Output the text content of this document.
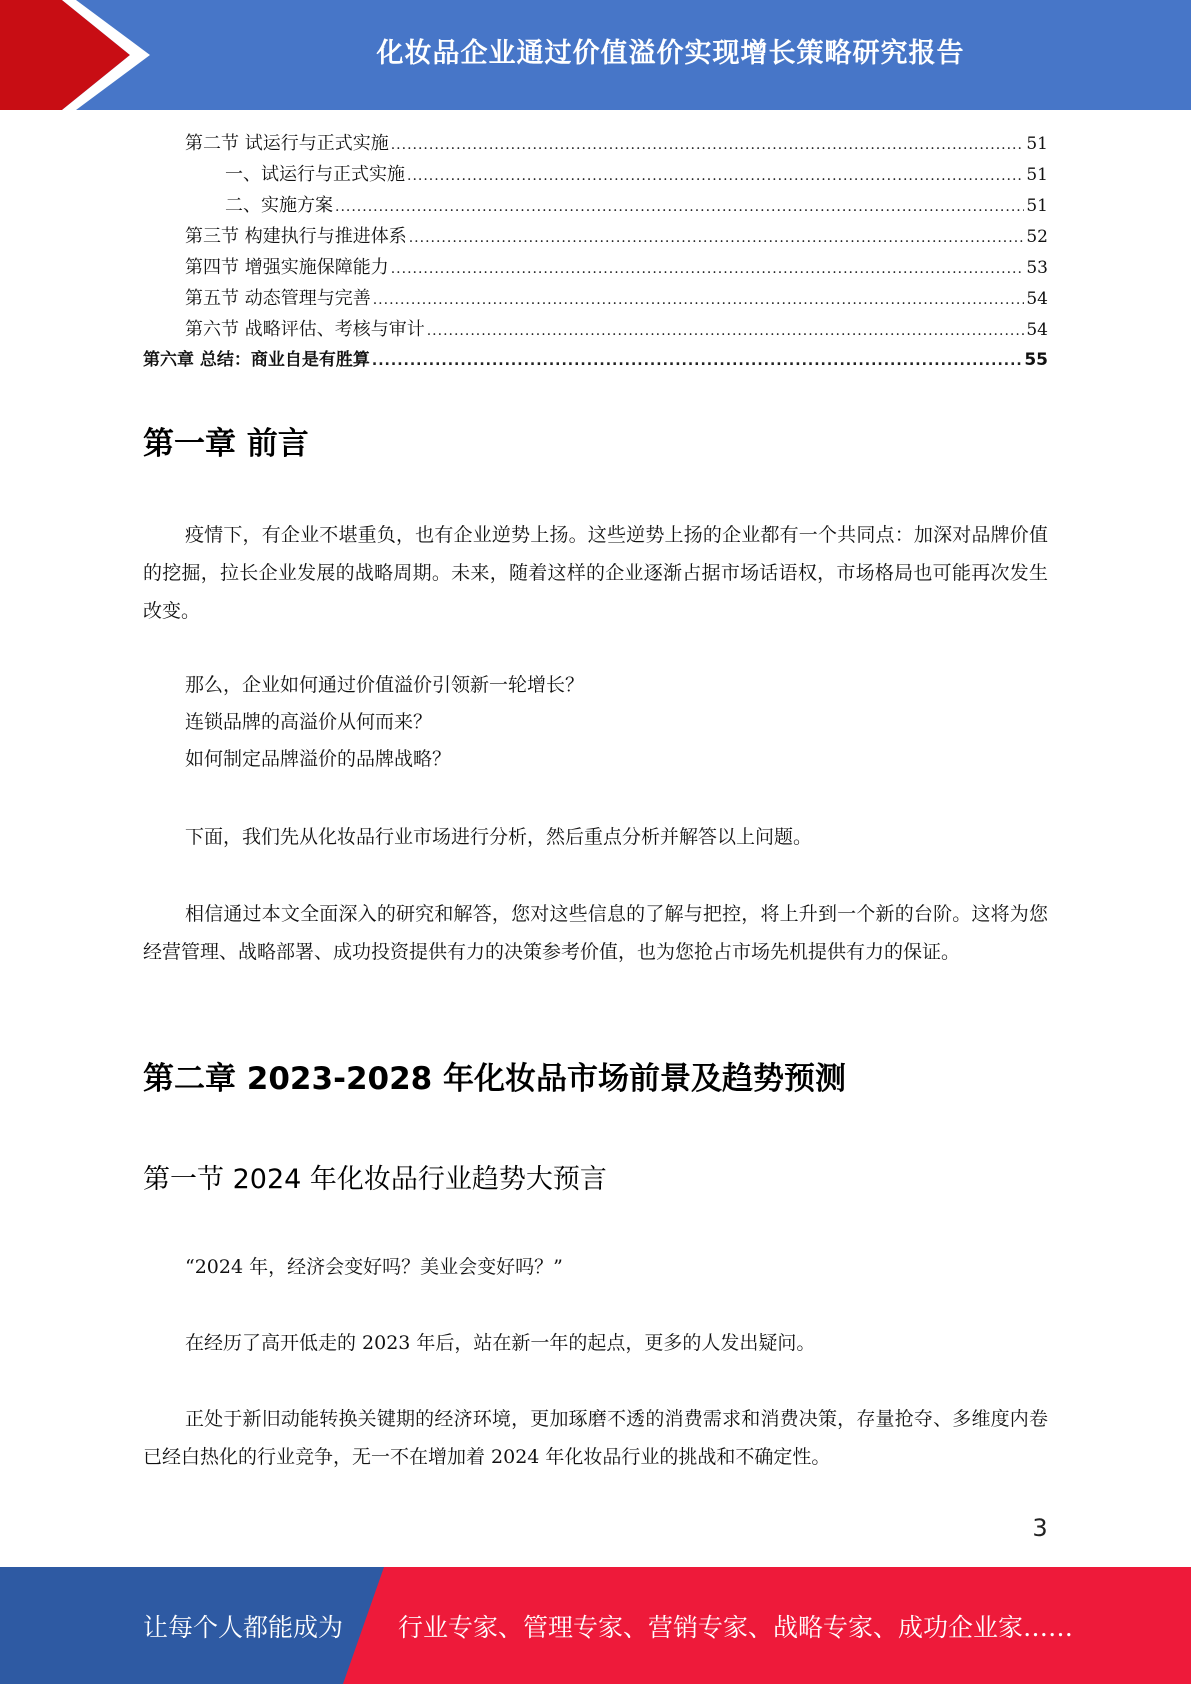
化妆品企业通过价值溢价实现增长策略研究报告
第二节 试运行与正式实施 .....	51
一、试运行与正式实施 .....	51
二、实施方案 .....	51
第三节 构建执行与推进体系 .....	52
第四节 增强实施保障能力 .....	53
第五节 动态管理与完善 .....	54
第六节 战略评估、考核与审计 .....	54
第六章 总结：商业自是有胜算 .....	55
第一章 前言
疫情下，有企业不堪重负，也有企业逆势上扬。这些逆势上扬的企业都有一个共同点：加深对品牌价值的挖掘，拉长企业发展的战略周期。未来，随着这样的企业逐渐占据市场话语权，市场格局也可能再次发生改变。
那么，企业如何通过价值溢价引领新一轮增长？
连锁品牌的高溢价从何而来？
如何制定品牌溢价的品牌战略？
下面，我们先从化妆品行业市场进行分析，然后重点分析并解答以上问题。
相信通过本文全面深入的研究和解答，您对这些信息的了解与把控，将上升到一个新的台阶。这将为您经营管理、战略部署、成功投资提供有力的决策参考价值，也为您抢占市场先机提供有力的保证。
第二章 2023-2028 年化妆品市场前景及趋势预测
第一节 2024 年化妆品行业趋势大预言
“2024 年，经济会变好吗？美业会变好吗？”
在经历了高开低走的 2023 年后，站在新一年的起点，更多的人发出疑问。
正处于新旧动能转换关键期的经济环境，更加琢磨不透的消费需求和消费决策，存量抢夺、多维度内卷已经白热化的行业竞争，无一不在增加着 2024 年化妆品行业的挑战和不确定性。
3
让每个人都能成为 行业专家、管理专家、营销专家、战略专家、成功企业家……
